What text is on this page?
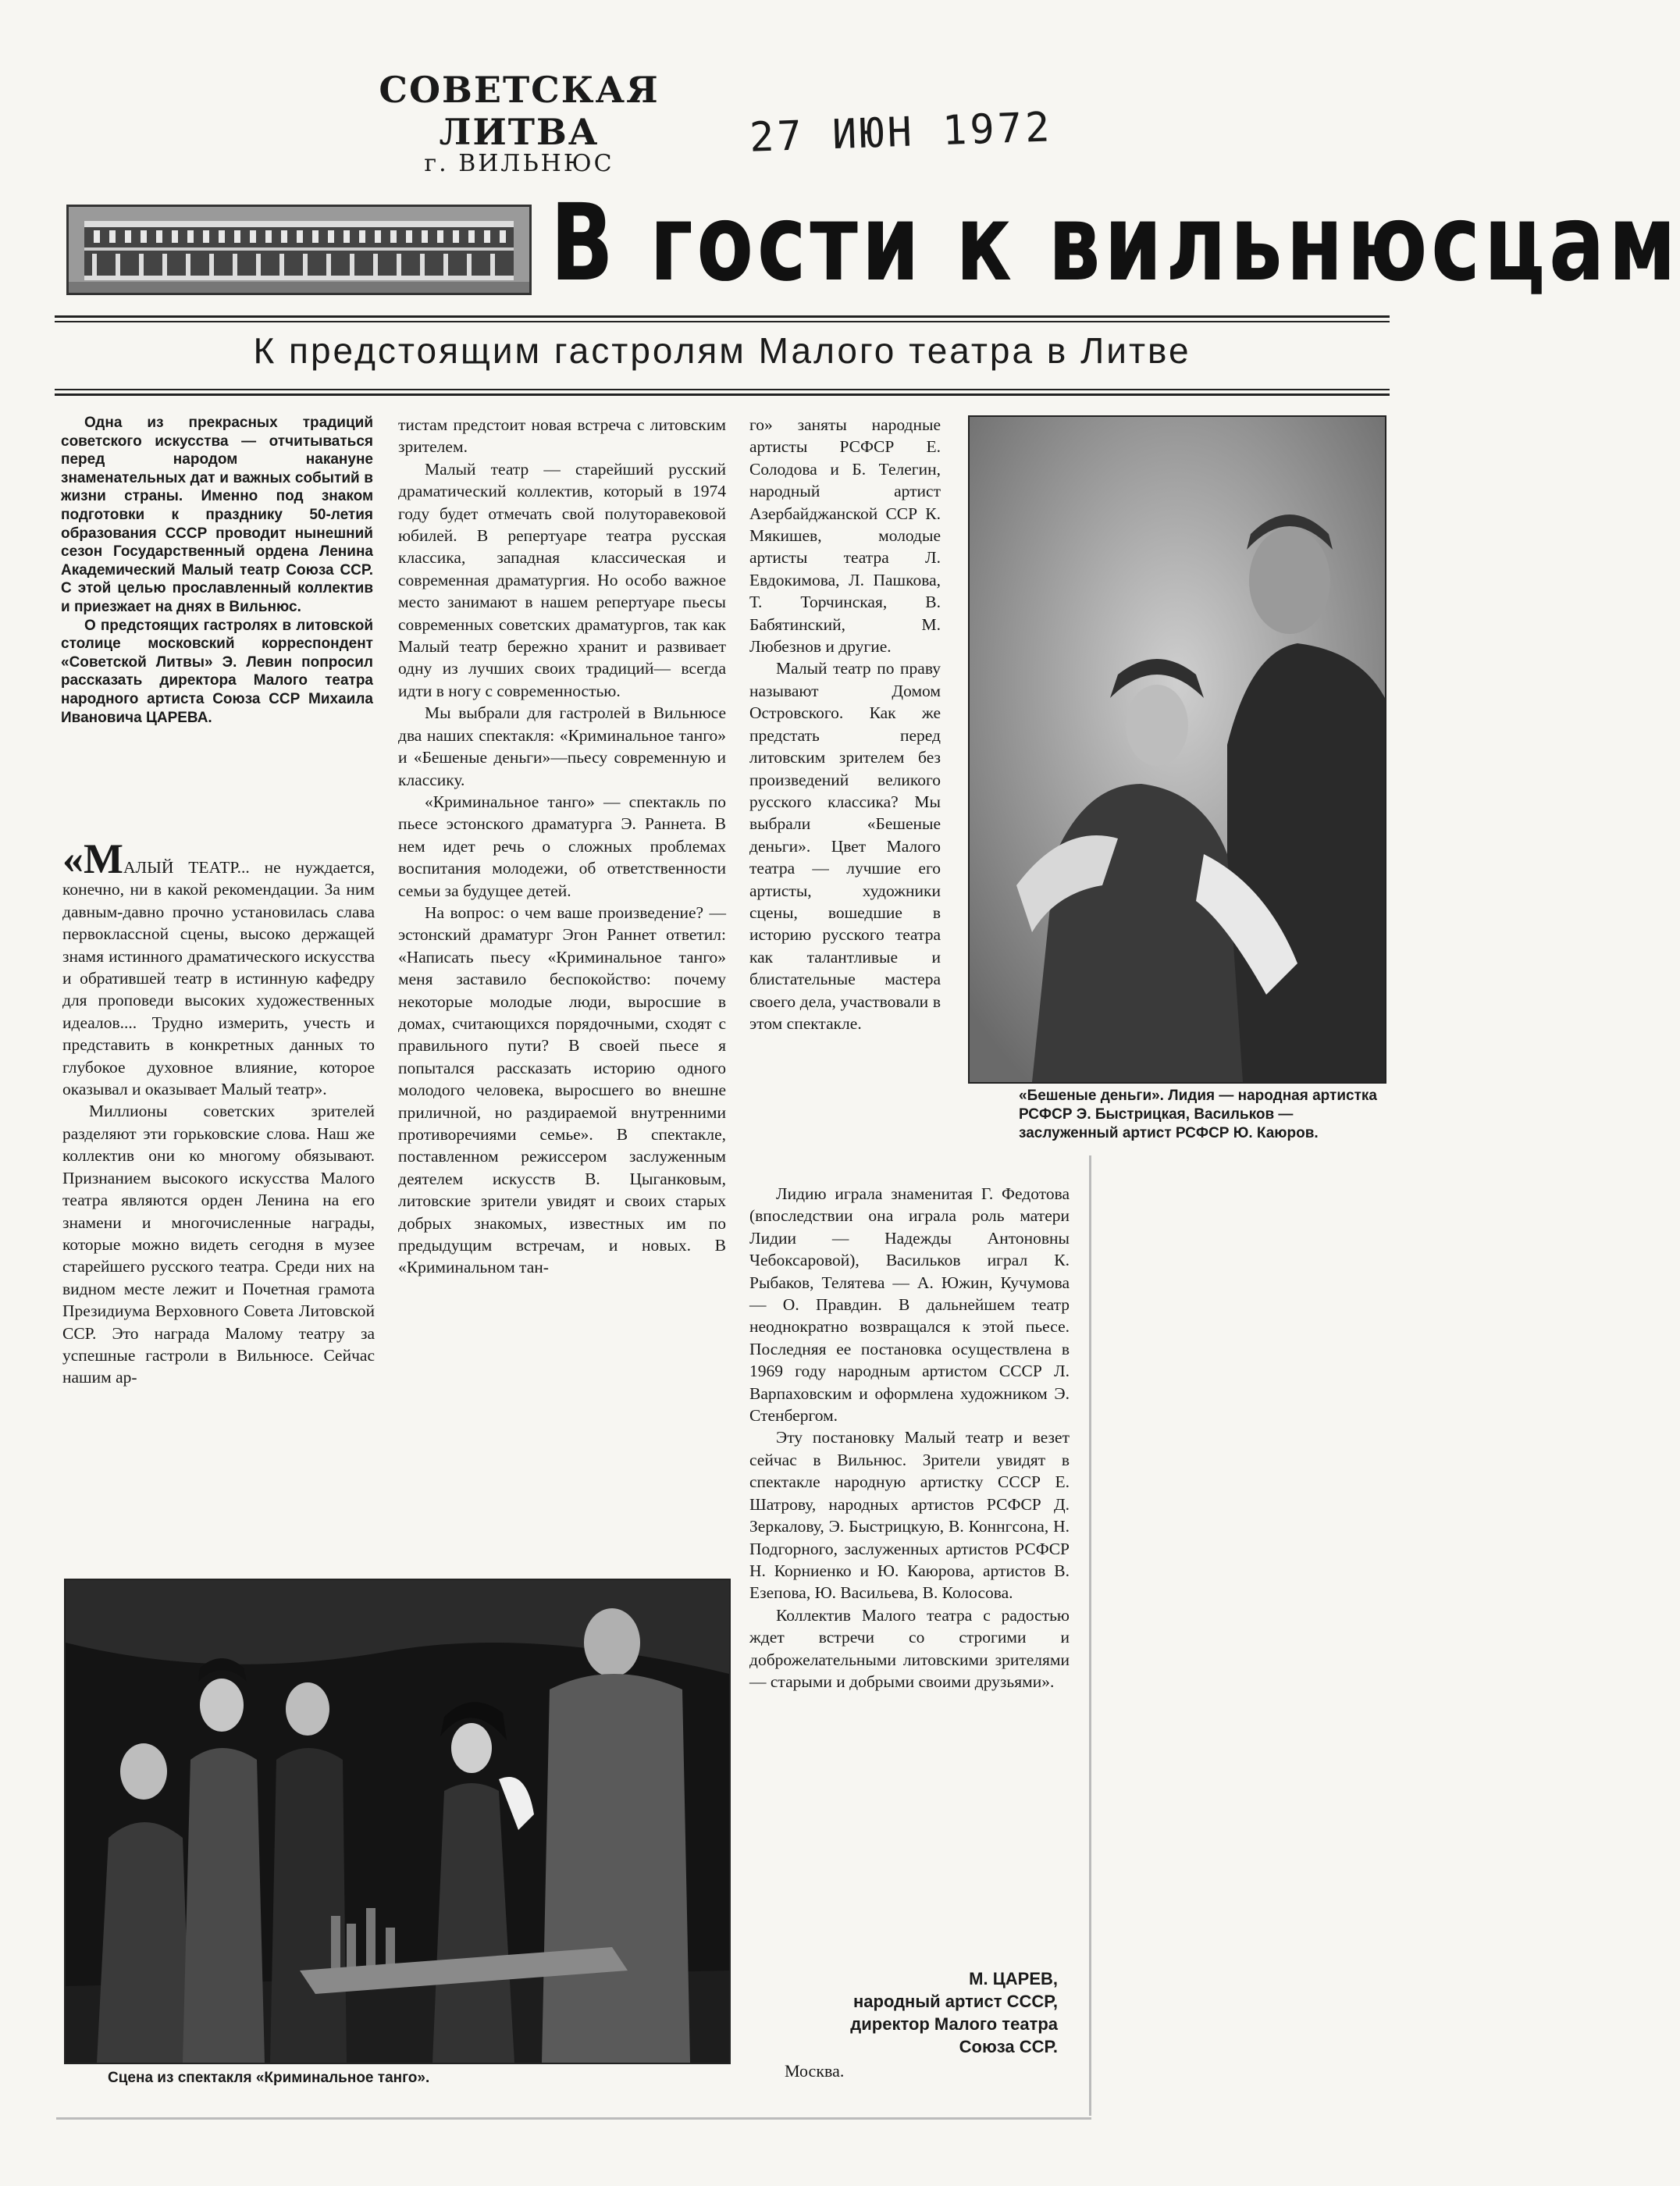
СОВЕТСКАЯ ЛИТВА
г. ВИЛЬНЮС
27 ИЮН 1972
В гости к вильнюсцам
К предстоящим гастролям Малого театра в Литве

Одна из прекрасных традиций советского искусства — отчитываться перед народом накануне знаменательных дат и важных событий в жизни страны. Именно под знаком подготовки к празднику 50-летия образования СССР проводит нынешний сезон Государственный ордена Ленина Академический Малый театр Союза ССР. С этой целью прославленный коллектив и приезжает на днях в Вильнюс.

О предстоящих гастролях в литовской столице московский корреспондент «Советской Литвы» Э. Левин попросил рассказать директора Малого театра народного артиста Союза ССР Михаила Ивановича ЦАРЕВА.

«МАЛЫЙ ТЕАТР... не нуждается, конечно, ни в какой рекомендации. За ним давным-давно прочно установилась слава первоклассной сцены, высоко держащей знамя истинного драматического искусства и обратившей театр в истинную кафедру для проповеди высоких художественных идеалов.... Трудно измерить, учесть и представить в конкретных данных то глубокое духовное влияние, которое оказывал и оказывает Малый театр».

Миллионы советских зрителей разделяют эти горьковские слова. Наш же коллектив они ко многому обязывают. Признанием высокого искусства Малого театра являются орден Ленина на его знамени и многочисленные награды, которые можно видеть сегодня в музее старейшего русского театра. Среди них на видном месте лежит и Почетная грамота Президиума Верховного Совета Литовской ССР. Это награда Малому театру за успешные гастроли в Вильнюсе. Сейчас нашим ар-

тистам предстоит новая встреча с литовским зрителем.

Малый театр — старейший русский драматический коллектив, который в 1974 году будет отмечать свой полуторавековой юбилей. В репертуаре театра русская классика, западная классическая и современная драматургия. Но особо важное место занимают в нашем репертуаре пьесы современных советских драматургов, так как Малый театр бережно хранит и развивает одну из лучших своих традиций— всегда идти в ногу с современностью.

Мы выбрали для гастролей в Вильнюсе два наших спектакля: «Криминальное танго» и «Бешеные деньги»—пьесу современную и классику.

«Криминальное танго» — спектакль по пьесе эстонского драматурга Э. Раннета. В нем идет речь о сложных проблемах воспитания молодежи, об ответственности семьи за будущее детей.

На вопрос: о чем ваше произведение? — эстонский драматург Эгон Раннет ответил: «Написать пьесу «Криминальное танго» меня заставило беспокойство: почему некоторые молодые люди, выросшие в домах, считающихся порядочными, сходят с правильного пути? В своей пьесе я попытался рассказать историю одного молодого человека, выросшего во внешне приличной, но раздираемой внутренними противоречиями семье». В спектакле, поставленном режиссером заслуженным деятелем искусств В. Цыганковым, литовские зрители увидят и своих старых добрых знакомых, известных им по предыдущим встречам, и новых. В «Криминальном тан-

го» заняты народные артисты РСФСР Е. Солодова и Б. Телегин, народный артист Азербайджанской ССР К. Мякишев, молодые артисты театра Л. Евдокимова, Л. Пашкова, Т. Торчинская, В. Бабятинский, М. Любезнов и другие.

Малый театр по праву называют Домом Островского. Как же предстать перед литовским зрителем без произведений великого русского классика? Мы выбрали «Бешеные деньги». Цвет Малого театра — лучшие его артисты, художники сцены, вошедшие в историю русского театра как талантливые и блистательные мастера своего дела, участвовали в этом спектакле.

Лидию играла знаменитая Г. Федотова (впоследствии она играла роль матери Лидии — Надежды Антоновны Чебоксаровой), Васильков играл К. Рыбаков, Телятева — А. Южин, Кучумова — О. Правдин. В дальнейшем театр неоднократно возвращался к этой пьесе. Последняя ее постановка осуществлена в 1969 году народным артистом СССР Л. Варпаховским и оформлена художником Э. Стенбергом.

Эту постановку Малый театр и везет сейчас в Вильнюс. Зрители увидят в спектакле народную артистку СССР Е. Шатрову, народных артистов РСФСР Д. Зеркалову, Э. Быстрицкую, В. Коннгсона, Н. Подгорного, заслуженных артистов РСФСР Н. Корниенко и Ю. Каюрова, артистов В. Езепова, Ю. Васильева, В. Колосова.

Коллектив Малого театра с радостью ждет встречи со строгими и доброжелательными литовскими зрителями — старыми и добрыми своими друзьями».

«Бешеные деньги». Лидия — народная артистка РСФСР Э. Быстрицкая, Васильков — заслуженный артист РСФСР Ю. Каюров.
Сцена из спектакля «Криминальное танго».
М. ЦАРЕВ,
народный артист СССР,
директор Малого театра
Союза ССР.
Москва.
